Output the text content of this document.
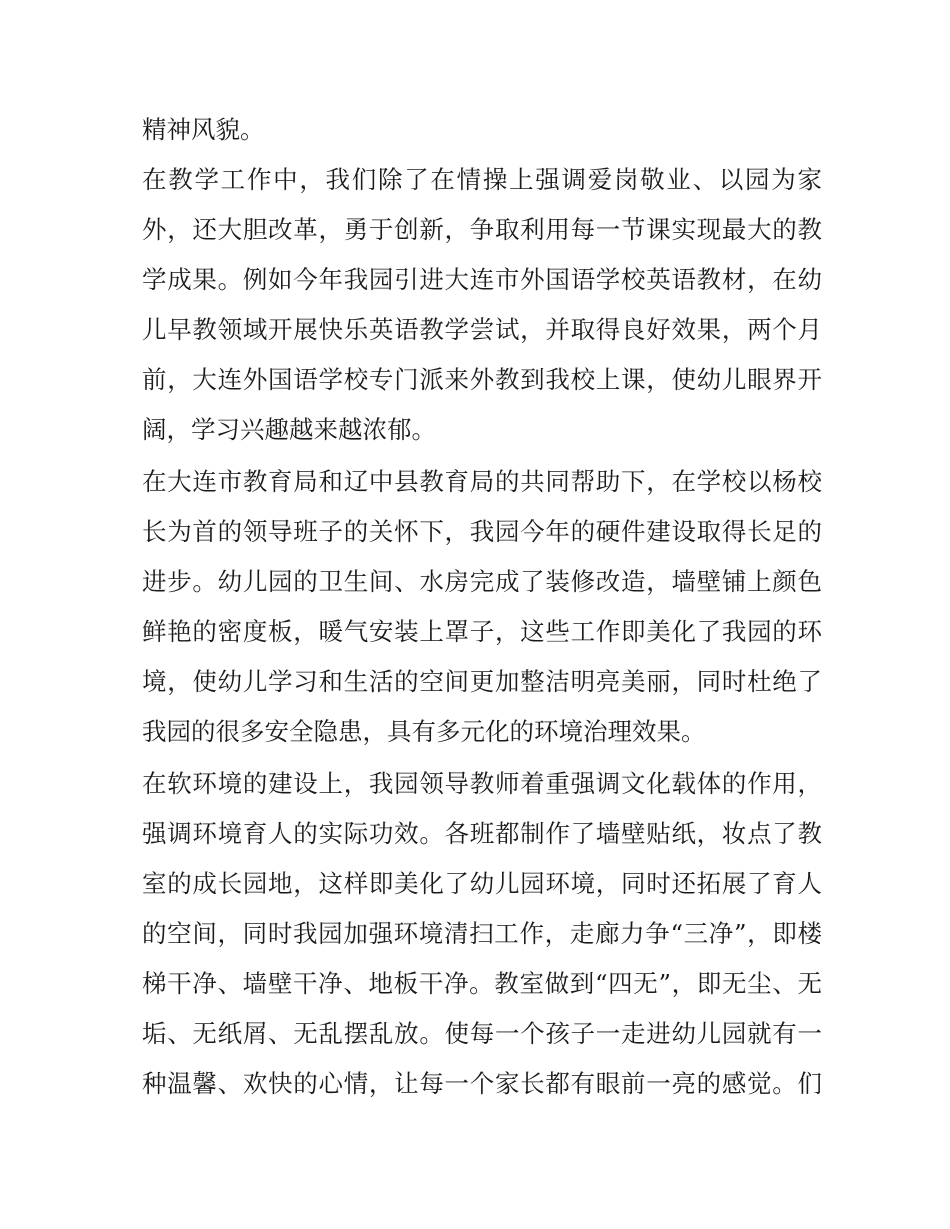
精神风貌。
在教学工作中，我们除了在情操上强调爱岗敬业、以园为家
外，还大胆改革，勇于创新，争取利用每一节课实现最大的教
学成果。例如今年我园引进大连市外国语学校英语教材，在幼
儿早教领域开展快乐英语教学尝试，并取得良好效果，两个月
前，大连外国语学校专门派来外教到我校上课，使幼儿眼界开
阔，学习兴趣越来越浓郁。
在大连市教育局和辽中县教育局的共同帮助下，在学校以杨校
长为首的领导班子的关怀下，我园今年的硬件建设取得长足的
进步。幼儿园的卫生间、水房完成了装修改造，墙壁铺上颜色
鲜艳的密度板，暖气安装上罩子，这些工作即美化了我园的环
境，使幼儿学习和生活的空间更加整洁明亮美丽，同时杜绝了
我园的很多安全隐患，具有多元化的环境治理效果。
在软环境的建设上，我园领导教师着重强调文化载体的作用，
强调环境育人的实际功效。各班都制作了墙壁贴纸，妆点了教
室的成长园地，这样即美化了幼儿园环境，同时还拓展了育人
的空间，同时我园加强环境清扫工作，走廊力争“三净”，即楼
梯干净、墙壁干净、地板干净。教室做到“四无”，即无尘、无
垢、无纸屑、无乱摆乱放。使每一个孩子一走进幼儿园就有一
种温馨、欢快的心情，让每一个家长都有眼前一亮的感觉。们
